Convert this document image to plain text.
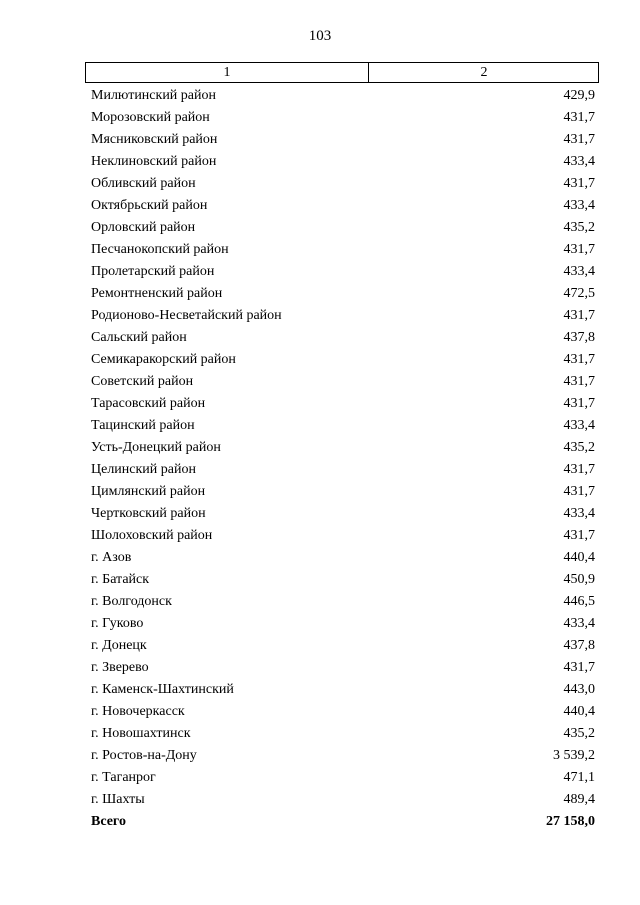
103
1	2
Милютинский район	429,9
Морозовский район	431,7
Мясниковский район	431,7
Неклиновский район	433,4
Обливский район	431,7
Октябрьский район	433,4
Орловский район	435,2
Песчанокопский район	431,7
Пролетарский район	433,4
Ремонтненский район	472,5
Родионово-Несветайский район	431,7
Сальский район	437,8
Семикаракорский район	431,7
Советский район	431,7
Тарасовский район	431,7
Тацинский район	433,4
Усть-Донецкий район	435,2
Целинский район	431,7
Цимлянский район	431,7
Чертковский район	433,4
Шолоховский район	431,7
г. Азов	440,4
г. Батайск	450,9
г. Волгодонск	446,5
г. Гуково	433,4
г. Донецк	437,8
г. Зверево	431,7
г. Каменск-Шахтинский	443,0
г. Новочеркасск	440,4
г. Новошахтинск	435,2
г. Ростов-на-Дону	3 539,2
г. Таганрог	471,1
г. Шахты	489,4
Всего	27 158,0
